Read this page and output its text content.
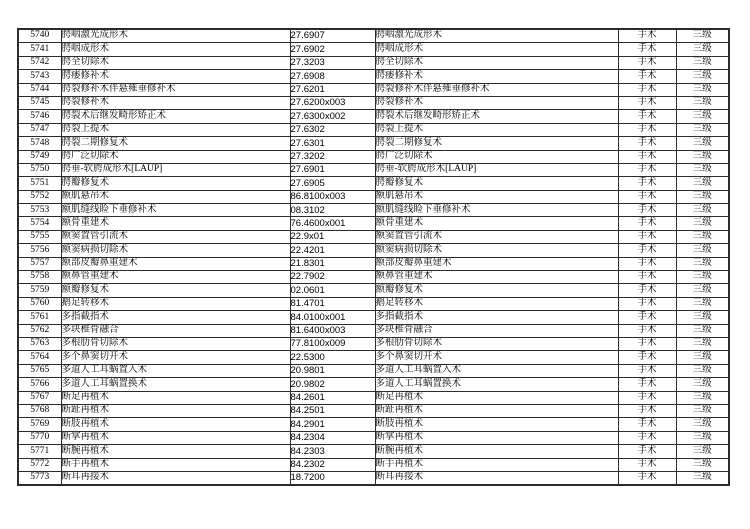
5740	腭咽激光成形术	27.6907	腭咽激光成形术	手术	三级
5741	腭咽成形术	27.6902	腭咽成形术	手术	三级
5742	腭全切除术	27.3203	腭全切除术	手术	三级
5743	腭瘘修补术	27.6908	腭瘘修补术	手术	三级
5744	腭裂修补术伴悬雍垂修补术	27.6201	腭裂修补术伴悬雍垂修补术	手术	三级
5745	腭裂修补术	27.6200x003	腭裂修补术	手术	三级
5746	腭裂术后继发畸形矫正术	27.6300x002	腭裂术后继发畸形矫正术	手术	三级
5747	腭裂上提术	27.6302	腭裂上提术	手术	三级
5748	腭裂二期修复术	27.6301	腭裂二期修复术	手术	三级
5749	腭广泛切除术	27.3202	腭广泛切除术	手术	三级
5750	腭垂-软腭成形术[LAUP]	27.6901	腭垂-软腭成形术[LAUP]	手术	三级
5751	腭瓣修复术	27.6905	腭瓣修复术	手术	三级
5752	额肌悬吊术	86.8100x003	额肌悬吊术	手术	三级
5753	额肌缝线睑下垂修补术	08.3102	额肌缝线睑下垂修补术	手术	三级
5754	额骨重建术	76.4600x001	额骨重建术	手术	三级
5755	额窦置管引流术	22.9x01	额窦置管引流术	手术	三级
5756	额窦病损切除术	22.4201	额窦病损切除术	手术	三级
5757	额部皮瓣鼻重建术	21.8301	额部皮瓣鼻重建术	手术	三级
5758	额鼻管重建术	22.7902	额鼻管重建术	手术	三级
5759	额瓣修复术	02.0601	额瓣修复术	手术	三级
5760	鹅足转移术	81.4701	鹅足转移术	手术	三级
5761	多指截指术	84.0100x001	多指截指术	手术	三级
5762	多块椎骨融合	81.6400x003	多块椎骨融合	手术	三级
5763	多根肋骨切除术	77.8100x009	多根肋骨切除术	手术	三级
5764	多个鼻窦切开术	22.5300	多个鼻窦切开术	手术	三级
5765	多道人工耳蜗置入术	20.9801	多道人工耳蜗置入术	手术	三级
5766	多道人工耳蜗置换术	20.9802	多道人工耳蜗置换术	手术	三级
5767	断足再植术	84.2601	断足再植术	手术	三级
5768	断趾再植术	84.2501	断趾再植术	手术	三级
5769	断肢再植术	84.2901	断肢再植术	手术	三级
5770	断掌再植术	84.2304	断掌再植术	手术	三级
5771	断腕再植术	84.2303	断腕再植术	手术	三级
5772	断手再植术	84.2302	断手再植术	手术	三级
5773	断耳再接术	18.7200	断耳再接术	手术	三级
